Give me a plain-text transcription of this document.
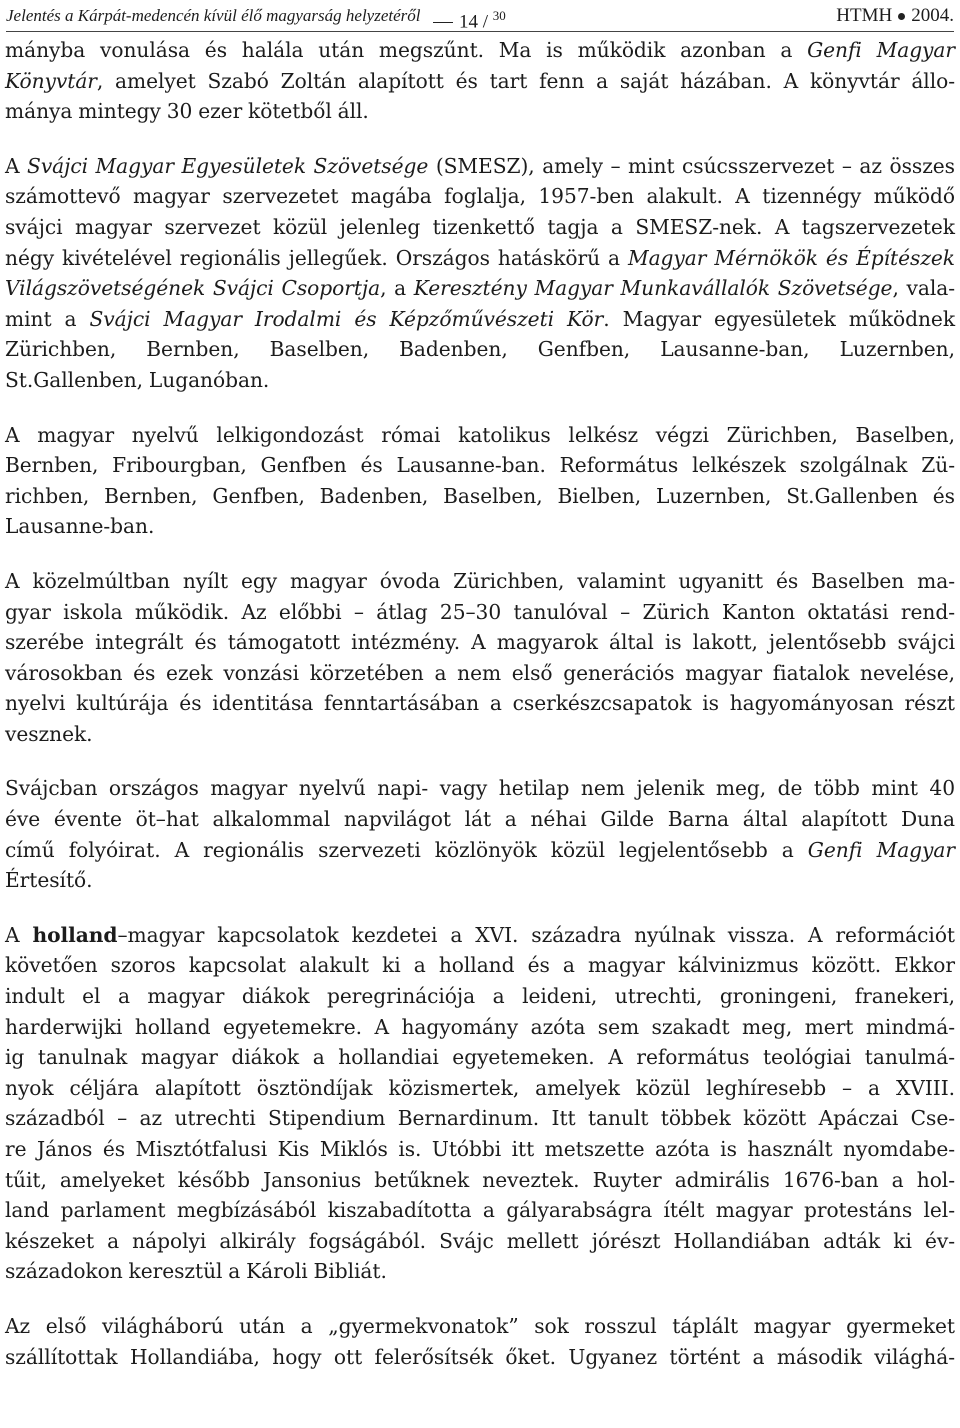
Jelentés a Kárpát-medencén kívül élő magyarság helyzetéről	14 / $^{30}$	HTMH 2004.

mányba vonulása és halála után megszűnt. Ma is működik azonban a Genfi Magyar
Könyvtár, amelyet Szabó Zoltán alapított és tart fenn a saját házában. A könyvtár állo-
mánya mintegy 30 ezer kötetből áll.

A Svájci Magyar Egyesületek Szövetsége (SMESZ), amely – mint csúcsszervezet – az összes
számottevő magyar szervezetet magába foglalja, 1957-ben alakult. A tizennégy működő
svájci magyar szervezet közül jelenleg tizenkettő tagja a SMESZ-nek. A tagszervezetek
négy kivételével regionális jellegűek. Országos hatáskörű a Magyar Mérnökök és Építészek
Világszövetségének Svájci Csoportja, a Keresztény Magyar Munkavállalók Szövetsége, vala-
mint a Svájci Magyar Irodalmi és Képzőművészeti Kör. Magyar egyesületek működnek
Zürichben, Bernben, Baselben, Badenben, Genfben, Lausanne-ban, Luzernben,
St.Gallenben, Luganóban.

A magyar nyelvű lelkigondozást római katolikus lelkész végzi Zürichben, Baselben,
Bernben, Fribourgban, Genfben és Lausanne-ban. Református lelkészek szolgálnak Zü-
richben, Bernben, Genfben, Badenben, Baselben, Bielben, Luzernben, St.Gallenben és
Lausanne-ban.

A közelmúltban nyílt egy magyar óvoda Zürichben, valamint ugyanitt és Baselben ma-
gyar iskola működik. Az előbbi – átlag 25–30 tanulóval – Zürich Kanton oktatási rend-
szerébe integrált és támogatott intézmény. A magyarok által is lakott, jelentősebb svájci
városokban és ezek vonzási körzetében a nem első generációs magyar fiatalok nevelése,
nyelvi kultúrája és identitása fenntartásában a cserkészcsapatok is hagyományosan részt
vesznek.

Svájcban országos magyar nyelvű napi- vagy hetilap nem jelenik meg, de több mint 40
éve évente öt–hat alkalommal napvilágot lát a néhai Gilde Barna által alapított Duna
című folyóirat. A regionális szervezeti közlönyök közül legjelentősebb a Genfi Magyar
Értesítő.

A holland–magyar kapcsolatok kezdetei a XVI. századra nyúlnak vissza. A reformációt
követően szoros kapcsolat alakult ki a holland és a magyar kálvinizmus között. Ekkor
indult el a magyar diákok peregrinációja a leideni, utrechti, groningeni, franekeri,
harderwijki holland egyetemekre. A hagyomány azóta sem szakadt meg, mert mindmá-
ig tanulnak magyar diákok a hollandiai egyetemeken. A református teológiai tanulmá-
nyok céljára alapított ösztöndíjak közismertek, amelyek közül leghíresebb – a XVIII.
századból – az utrechti Stipendium Bernardinum. Itt tanult többek között Apáczai Cse-
re János és Misztótfalusi Kis Miklós is. Utóbbi itt metszette azóta is használt nyomdabe-
tűit, amelyeket később Jansonius betűknek neveztek. Ruyter admirális 1676-ban a hol-
land parlament megbízásából kiszabadította a gályarabságra ítélt magyar protestáns lel-
készeket a nápolyi alkirály fogságából. Svájc mellett jórészt Hollandiában adták ki év-
századokon keresztül a Károli Bibliát.

Az első világháború után a „gyermekvonatok” sok rosszul táplált magyar gyermeket
szállítottak Hollandiába, hogy ott felerősítsék őket. Ugyanez történt a második világhá-
